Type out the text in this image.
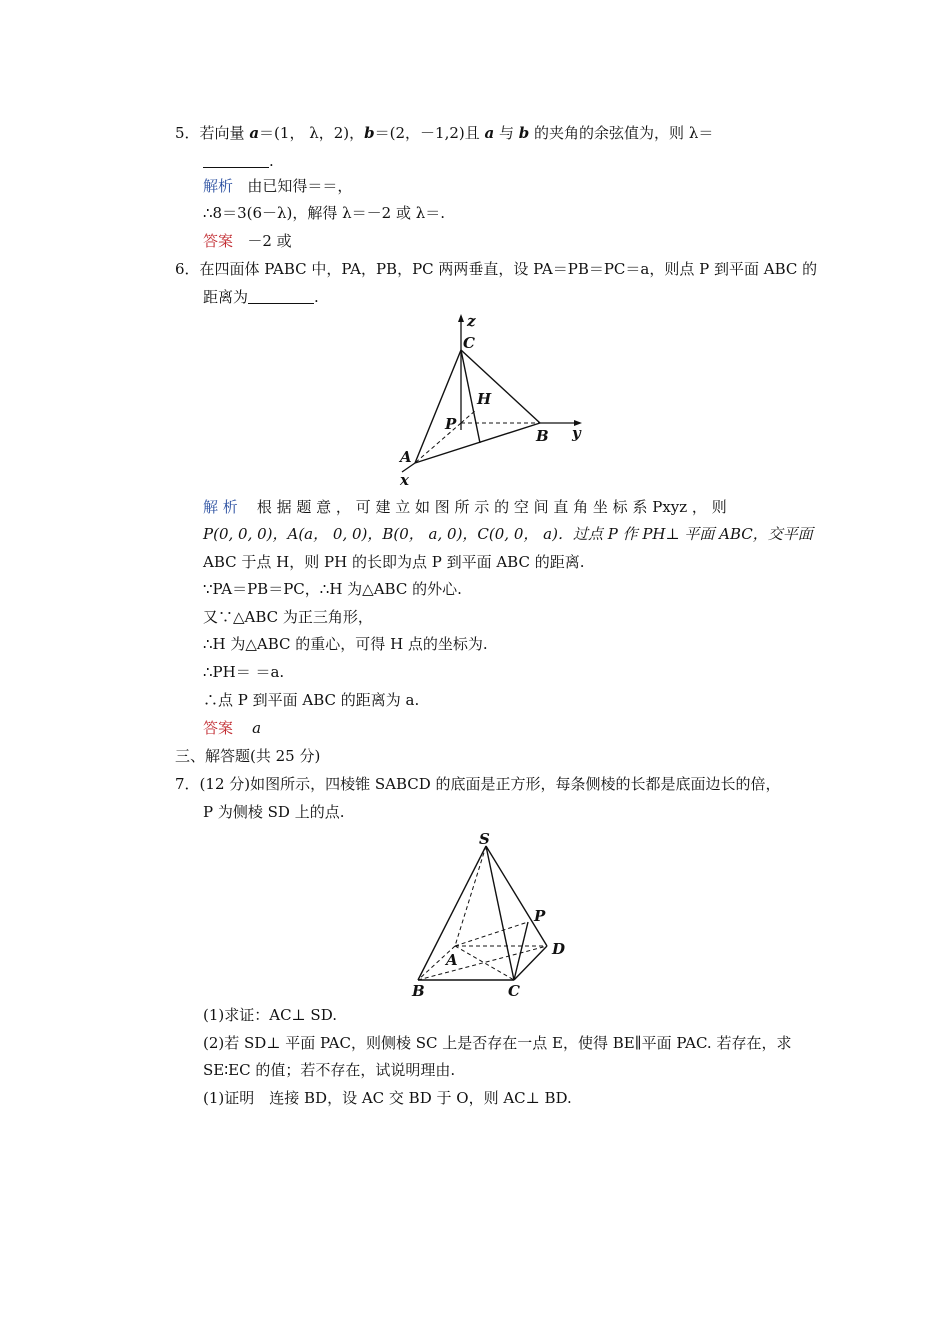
5．若向量 a＝(1， λ，2)，b＝(2，－1,2)且 a 与 b 的夹角的余弦值为，则 λ＝
.
解析 由已知得＝＝，
∴8＝3(6－λ)，解得 λ＝－2 或 λ＝.
答案 －2 或
6．在四面体 PABC 中，PA，PB，PC 两两垂直，设 PA＝PB＝PC＝a，则点 P 到平面 ABC 的
距离为	.
z
C
H
P
B y
A
x
解 析 根 据 题 意 ， 可 建 立 如 图 所 示 的 空 间 直 角 坐 标 系 Pxyz ， 则
P(0, 0, 0)，A(a， 0, 0)，B(0， a, 0)，C(0, 0， a)．过点 P 作 PH⊥ 平面 ABC，交平面
ABC 于点 H，则 PH 的长即为点 P 到平面 ABC 的距离.
∵PA＝PB＝PC，∴H 为△ABC 的外心.
又∵△ABC 为正三角形，
∴H 为△ABC 的重心，可得 H 点的坐标为.
∴PH＝ ＝a.
∴点 P 到平面 ABC 的距离为 a.
答案 a
三、解答题(共 25 分)
7．(12 分)如图所示，四棱锥 SABCD 的底面是正方形，每条侧棱的长都是底面边长的倍，
P 为侧棱 SD 上的点.
S
P
A
D
B	C
(1)求证：AC⊥ SD.
(2)若 SD⊥ 平面 PAC，则侧棱 SC 上是否存在一点 E，使得 BE∥平面 PAC. 若存在，求
SE∶EC 的值；若不存在，试说明理由.
(1)证明　连接 BD，设 AC 交 BD 于 O，则 AC⊥ BD.
